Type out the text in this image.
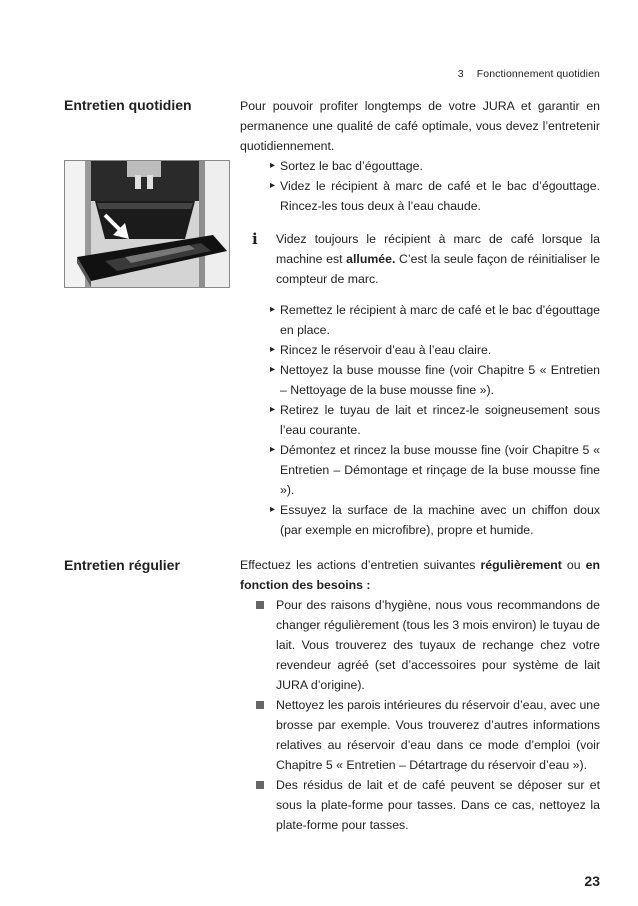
3 Fonctionnement quotidien
Entretien quotidien	Pour pouvoir profiter longtemps de votre JURA et garantir en permanence une qualité de café optimale, vous devez l’entretenir quotidiennement.

▸ Sortez le bac d’égouttage.
▸ Videz le récipient à marc de café et le bac d’égouttage. Rincez-les tous deux à l’eau chaude.
i Videz toujours le récipient à marc de café lorsque la machine est allumée. C’est la seule façon de réinitialiser le compteur de marc.
▸ Remettez le récipient à marc de café et le bac d’égouttage en place.
▸ Rincez le réservoir d’eau à l’eau claire.
▸ Nettoyez la buse mousse fine (voir Chapitre 5 « Entretien – Nettoyage de la buse mousse fine »).
▸ Retirez le tuyau de lait et rincez-le soigneusement sous l’eau courante.
▸ Démontez et rincez la buse mousse fine (voir Chapitre 5 « Entretien – Démontage et rinçage de la buse mousse fine »).
▸ Essuyez la surface de la machine avec un chiffon doux (par exemple en microfibre), propre et humide.
Entretien régulier	Effectuez les actions d’entretien suivantes régulièrement ou en fonction des besoins :

Pour des raisons d’hygiène, nous vous recommandons de changer régulièrement (tous les 3 mois environ) le tuyau de lait. Vous trouverez des tuyaux de rechange chez votre revendeur agréé (set d’accessoires pour système de lait JURA d’origine).
Nettoyez les parois intérieures du réservoir d’eau, avec une brosse par exemple. Vous trouverez d’autres informations relatives au réservoir d’eau dans ce mode d’emploi (voir Chapitre 5 « Entretien – Détartrage du réservoir d’eau »).
Des résidus de lait et de café peuvent se déposer sur et sous la plate-forme pour tasses. Dans ce cas, nettoyez la plate-forme pour tasses.
23
